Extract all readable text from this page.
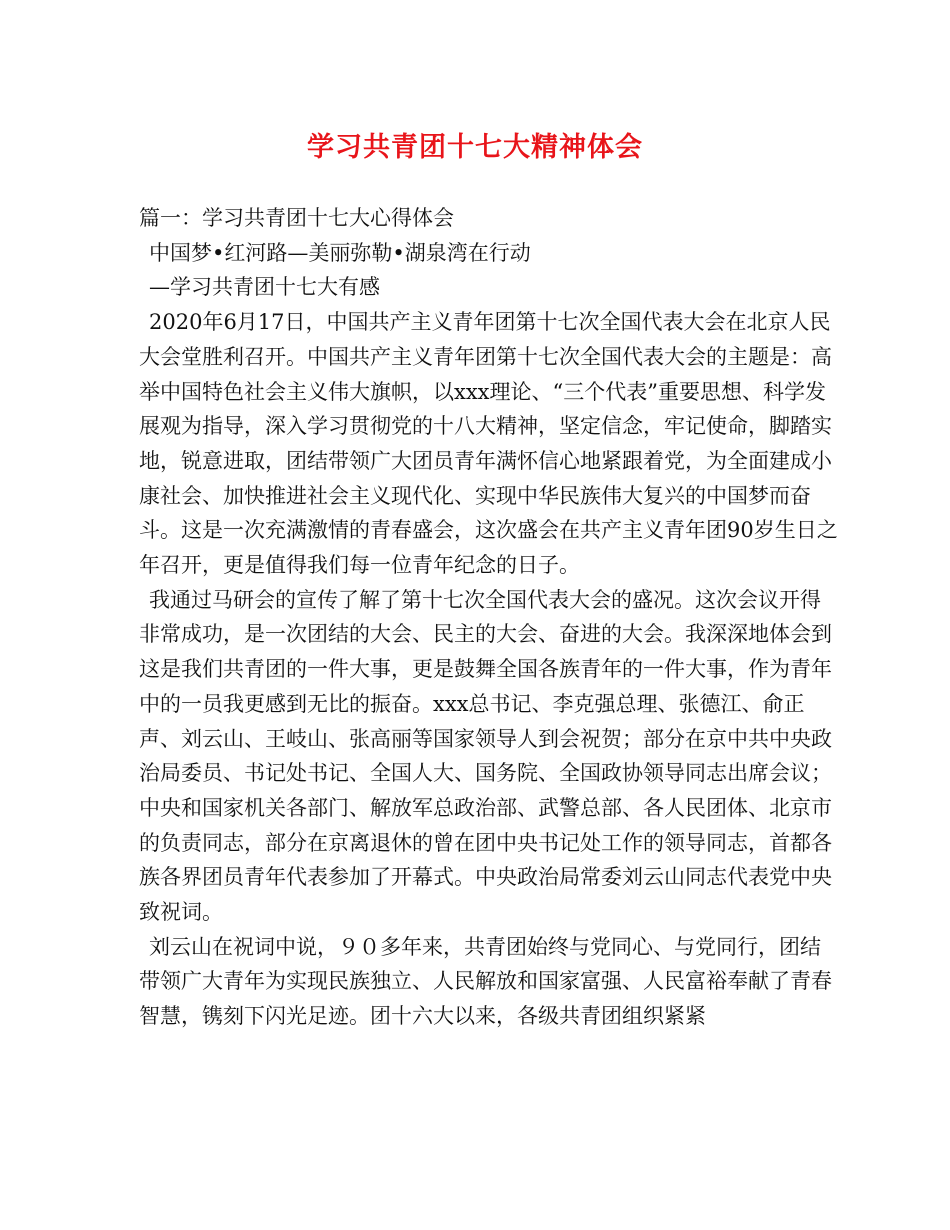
学习共青团十七大精神体会

篇一：学习共青团十七大心得体会

中国梦•红河路—美丽弥勒•湖泉湾在行动

—学习共青团十七大有感

2020年6月17日，中国共产主义青年团第十七次全国代表大会在北京人民大会堂胜利召开。中国共产主义青年团第十七次全国代表大会的主题是：高举中国特色社会主义伟大旗帜，以xxx理论、“三个代表”重要思想、科学发展观为指导，深入学习贯彻党的十八大精神，坚定信念，牢记使命，脚踏实地，锐意进取，团结带领广大团员青年满怀信心地紧跟着党，为全面建成小康社会、加快推进社会主义现代化、实现中华民族伟大复兴的中国梦而奋斗。这是一次充满激情的青春盛会，这次盛会在共产主义青年团90岁生日之年召开，更是值得我们每一位青年纪念的日子。

我通过马研会的宣传了解了第十七次全国代表大会的盛况。这次会议开得非常成功，是一次团结的大会、民主的大会、奋进的大会。我深深地体会到这是我们共青团的一件大事，更是鼓舞全国各族青年的一件大事，作为青年中的一员我更感到无比的振奋。xxx总书记、李克强总理、张德江、俞正声、刘云山、王岐山、张高丽等国家领导人到会祝贺；部分在京中共中央政治局委员、书记处书记、全国人大、国务院、全国政协领导同志出席会议；中央和国家机关各部门、解放军总政治部、武警总部、各人民团体、北京市的负责同志，部分在京离退休的曾在团中央书记处工作的领导同志，首都各族各界团员青年代表参加了开幕式。中央政治局常委刘云山同志代表党中央致祝词。

刘云山在祝词中说，９０多年来，共青团始终与党同心、与党同行，团结带领广大青年为实现民族独立、人民解放和国家富强、人民富裕奉献了青春智慧，镌刻下闪光足迹。团十六大以来，各级共青团组织紧紧
